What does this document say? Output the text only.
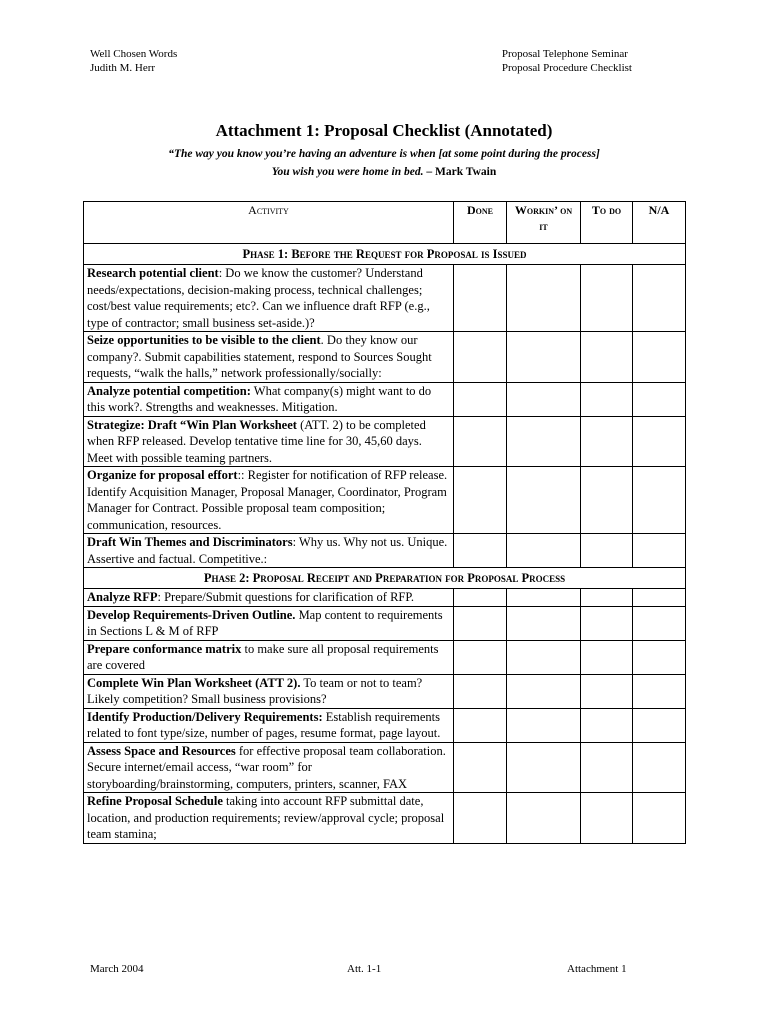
Well Chosen Words
Judith M. Herr
Proposal Telephone Seminar
Proposal Procedure Checklist
Attachment 1: Proposal Checklist (Annotated)
“The way you know you’re having an adventure is when [at some point during the process]
You wish you were home in bed. – Mark Twain
Activity	Done	Workin’ on it	To do	N/A
Phase 1: Before the Request for Proposal is Issued				
Research potential client: Do we know the customer? Understand needs/expectations, decision-making process, technical challenges; cost/best value requirements; etc?. Can we influence draft RFP (e.g., type of contractor; small business set-aside.)?				
Seize opportunities to be visible to the client. Do they know our company?. Submit capabilities statement, respond to Sources Sought requests, “walk the halls,” network professionally/socially:				
Analyze potential competition: What company(s) might want to do this work?. Strengths and weaknesses. Mitigation.				
Strategize: Draft “Win Plan Worksheet (ATT. 2) to be completed when RFP released. Develop tentative time line for 30, 45,60 days. Meet with possible teaming partners.				
Organize for proposal effort:: Register for notification of RFP release. Identify Acquisition Manager, Proposal Manager, Coordinator, Program Manager for Contract. Possible proposal team composition; communication, resources.				
Draft Win Themes and Discriminators: Why us. Why not us. Unique. Assertive and factual. Competitive.:				
Phase 2: Proposal Receipt and Preparation for Proposal Process				
Analyze RFP: Prepare/Submit questions for clarification of RFP.				
Develop Requirements-Driven Outline. Map content to requirements in Sections L & M of RFP				
Prepare conformance matrix to make sure all proposal requirements are covered				
Complete Win Plan Worksheet (ATT 2). To team or not to team? Likely competition? Small business provisions?				
Identify Production/Delivery Requirements: Establish requirements related to font type/size, number of pages, resume format, page layout.				
Assess Space and Resources for effective proposal team collaboration. Secure internet/email access, “war room” for storyboarding/brainstorming, computers, printers, scanner, FAX				
Refine Proposal Schedule taking into account RFP submittal date, location, and production requirements; review/approval cycle; proposal team stamina;				
March 2004	Att. 1-1	Attachment 1
